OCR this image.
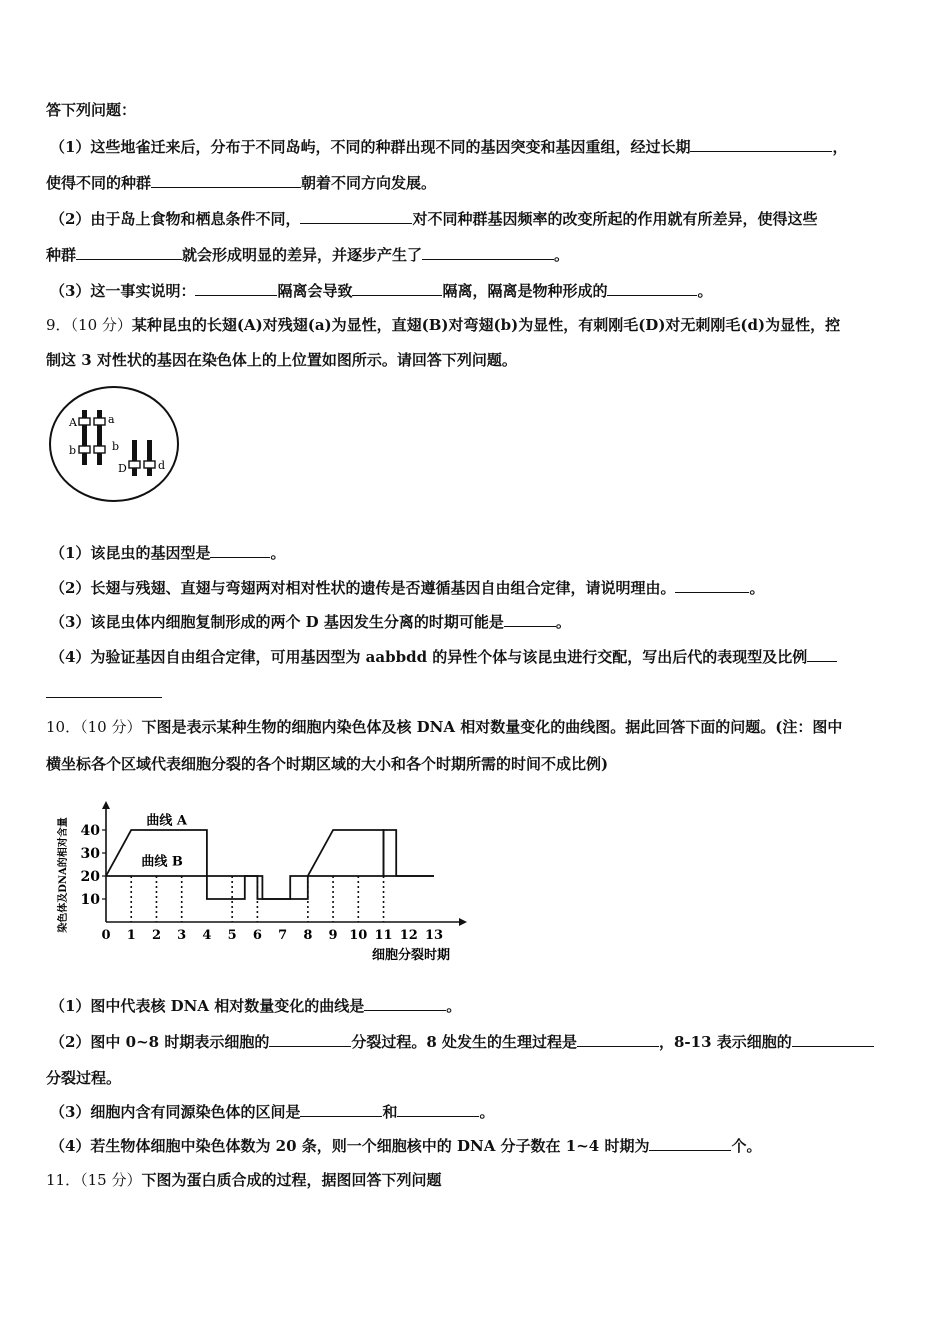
答下列问题：
（1）这些地雀迁来后，分布于不同岛屿，不同的种群出现不同的基因突变和基因重组，经过长期	，
使得不同的种群	朝着不同方向发展。
（2）由于岛上食物和栖息条件不同，	对不同种群基因频率的改变所起的作用就有所差异，使得这些
种群	就会形成明显的差异，并逐步产生了	。
（3）这一事实说明：	隔离会导致	隔离，隔离是物种形成的	。
9．（10 分）某种昆虫的长翅(A)对残翅(a)为显性，直翅(B)对弯翅(b)为显性，有刺刚毛(D)对无刺刚毛(d)为显性，控
制这 3 对性状的基因在染色体上的上位置如图所示。请回答下列问题。
A	a
b	b
D	d
（1）该昆虫的基因型是	。
（2）长翅与残翅、直翅与弯翅两对相对性状的遗传是否遵循基因自由组合定律，请说明理由。	。
（3）该昆虫体内细胞复制形成的两个 D 基因发生分离的时期可能是	。
（4）为验证基因自由组合定律，可用基因型为 aabbdd 的异性个体与该昆虫进行交配，写出后代的表现型及比例
10．（10 分）下图是表示某种生物的细胞内染色体及核 DNA 相对数量变化的曲线图。据此回答下面的问题。(注：图中
横坐标各个区域代表细胞分裂的各个时期区域的大小和各个时期所需的时间不成比例)
染色体及DNA的相对含量
细胞分裂时期
10
20
30
40
0 1 2 3 4 5 6 7 8 9 10 11 12 13
曲线 A
曲线 B
（1）图中代表核 DNA 相对数量变化的曲线是	。
（2）图中 0~8 时期表示细胞的	分裂过程。8 处发生的生理过程是	，8-13 表示细胞的
分裂过程。
（3）细胞内含有同源染色体的区间是	和	。
（4）若生物体细胞中染色体数为 20 条，则一个细胞核中的 DNA 分子数在 1~4 时期为	个。
11．（15 分）下图为蛋白质合成的过程，据图回答下列问题
